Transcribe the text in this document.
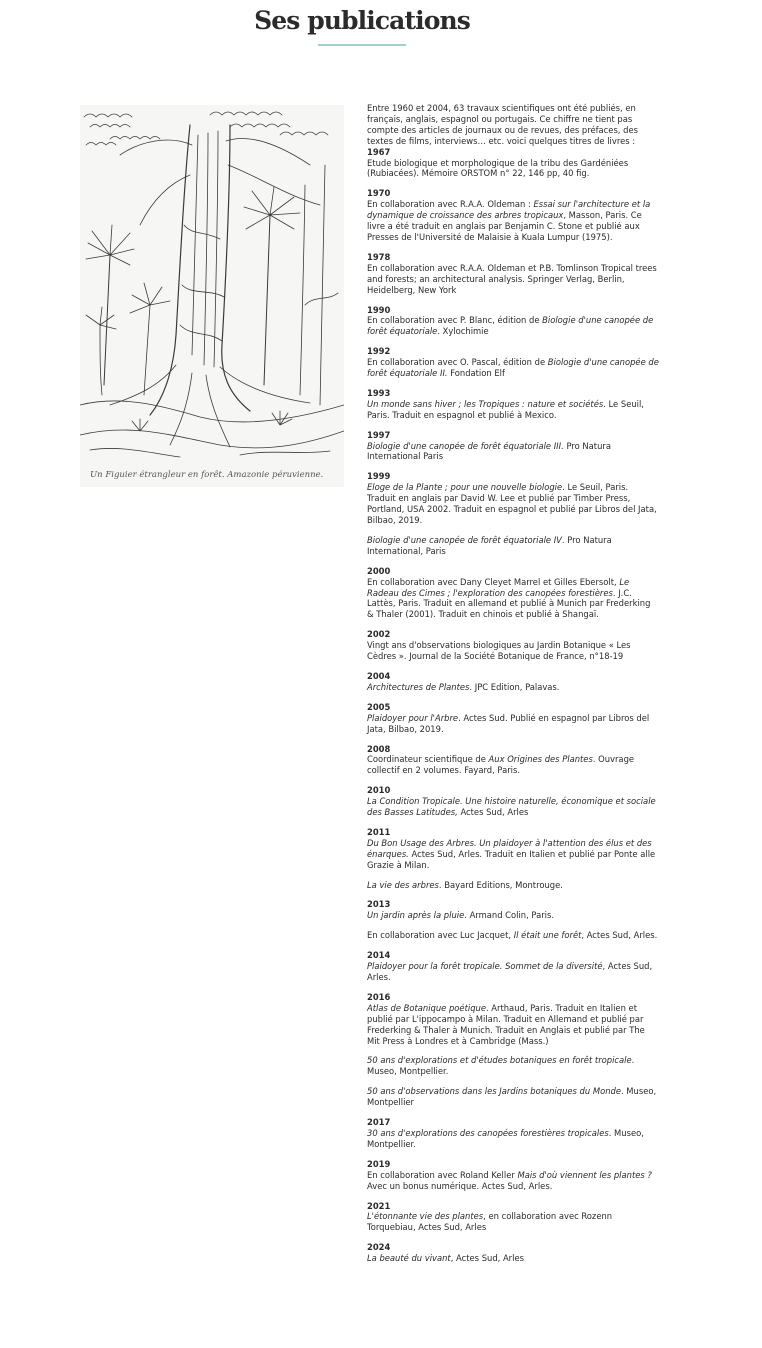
Ses publications
Un Figuier étrangleur en forêt. Amazonie péruvienne.

Entre 1960 et 2004, 63 travaux scientifiques ont été publiés, en français, anglais, espagnol ou portugais. Ce chiffre ne tient pas compte des articles de journaux ou de revues, des préfaces, des textes de films, interviews… etc. voici quelques titres de livres :

1967

Etude biologique et morphologique de la tribu des Gardéniées (Rubiacées). Mémoire ORSTOM n° 22, 146 pp, 40 fig.

1970

En collaboration avec R.A.A. Oldeman : Essai sur l'architecture et la dynamique de croissance des arbres tropicaux, Masson, Paris. Ce livre a été traduit en anglais par Benjamin C. Stone et publié aux Presses de l'Université de Malaisie à Kuala Lumpur (1975).

1978

En collaboration avec R.A.A. Oldeman et P.B. Tomlinson Tropical trees and forests; an architectural analysis. Springer Verlag, Berlin, Heidelberg, New York

1990

En collaboration avec P. Blanc, édition de Biologie d'une canopée de forêt équatoriale. Xylochimie

1992

En collaboration avec O. Pascal, édition de Biologie d'une canopée de forêt équatoriale II. Fondation Elf

1993

Un monde sans hiver ; les Tropiques : nature et sociétés. Le Seuil, Paris. Traduit en espagnol et publié à Mexico.

1997

Biologie d'une canopée de forêt équatoriale III. Pro Natura International Paris

1999

Eloge de la Plante ; pour une nouvelle biologie. Le Seuil, Paris. Traduit en anglais par David W. Lee et publié par Timber Press, Portland, USA 2002. Traduit en espagnol et publié par Libros del Jata, Bilbao, 2019.

Biologie d'une canopée de forêt équatoriale IV. Pro Natura International, Paris

2000

En collaboration avec Dany Cleyet Marrel et Gilles Ebersolt, Le Radeau des Cimes ; l'exploration des canopées forestières. J.C. Lattès, Paris. Traduit en allemand et publié à Munich par Frederking & Thaler (2001). Traduit en chinois et publié à Shangaï.

2002

Vingt ans d'observations biologiques au Jardin Botanique « Les Cèdres ». Journal de la Société Botanique de France, n°18-19

2004

Architectures de Plantes. JPC Edition, Palavas.

2005

Plaidoyer pour l'Arbre. Actes Sud. Publié en espagnol par Libros del Jata, Bilbao, 2019.

2008

Coordinateur scientifique de Aux Origines des Plantes. Ouvrage collectif en 2 volumes. Fayard, Paris.

2010

La Condition Tropicale. Une histoire naturelle, économique et sociale des Basses Latitudes, Actes Sud, Arles

2011

Du Bon Usage des Arbres. Un plaidoyer à l'attention des élus et des énarques. Actes Sud, Arles. Traduit en Italien et publié par Ponte alle Grazie à Milan.

La vie des arbres. Bayard Editions, Montrouge.

2013

Un jardin après la pluie. Armand Colin, Paris.

En collaboration avec Luc Jacquet, Il était une forêt, Actes Sud, Arles.

2014

Plaidoyer pour la forêt tropicale. Sommet de la diversité, Actes Sud, Arles.

2016

Atlas de Botanique poétique. Arthaud, Paris. Traduit en Italien et publié par L'ippocampo à Milan. Traduit en Allemand et publié par Frederking & Thaler à Munich. Traduit en Anglais et publié par The Mit Press à Londres et à Cambridge (Mass.)

50 ans d'explorations et d'études botaniques en forêt tropicale. Museo, Montpellier.

50 ans d'observations dans les Jardins botaniques du Monde. Museo, Montpellier

2017

30 ans d'explorations des canopées forestières tropicales. Museo, Montpellier.

2019

En collaboration avec Roland Keller Mais d'où viennent les plantes ? Avec un bonus numérique. Actes Sud, Arles.

2021

L'étonnante vie des plantes, en collaboration avec Rozenn Torquebiau, Actes Sud, Arles

2024

La beauté du vivant, Actes Sud, Arles
